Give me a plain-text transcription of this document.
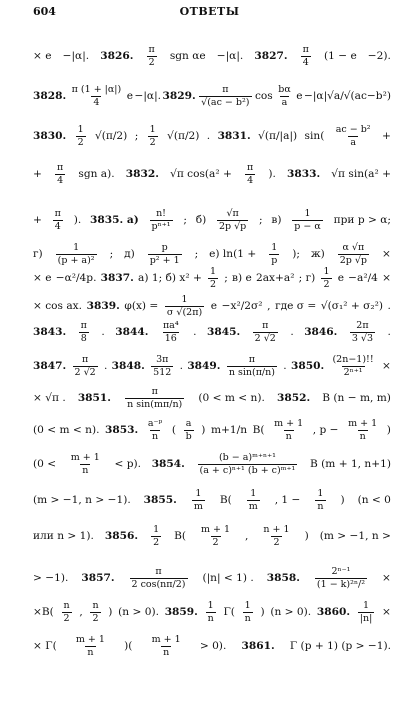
604	ОТВЕТЫ
× e −|α|. 3826. $\frac{\pi}{2}$ sgn αe −|α|. 3827. $\frac{\pi}{4} (1 - e -2)$.
3828. $\frac{\pi (1 + |\alpha|)}{4}$ e −|α|. 3829. $\frac{\pi}{\text{√(ac − b²)}}$ $\cos \frac{b\alpha}{a}$ e −|α|√a/√(ac−b²)
3830. $\frac{1}{2} √(\pi/2)$ ; $\frac{1}{2} √(\pi/2)$ . 3831. √(π/|a|) $\sin( \frac{\text{ac − b²}}{a}$ +
+ $\frac{\pi}{4}$ sgn a). 3832. √π $\cos(a^2 + \frac{\pi}{4}$ ). 3833. √π sin(a² +
+ $\frac{\pi}{4}$ ). 3835. $а) \frac{n!}{\text{pⁿ⁺¹}}$ ; $б) \frac{√\pi}{2p √p}$ ; $в) \frac{1}{p - \alpha}$ при p > α;
$г) \frac{1}{\text{(p + a)²}}$ ; $д) \frac{p}{\text{p² + 1}}$ ; е) $\ln(1 + \frac{1}{p}$ ); $ж) \frac{\alpha √\pi}{2p √p}$ ×
× e −α²/4p. 3837. а) 1; б) $x^2 + \frac{1}{2}$ ; в) e 2ax+a² ; $г) \frac{1}{2}$ e −a²/4 ×
× cos ax. 3839. $\varphi(x) = \frac{1}{\sigma √(2\pi)}$ e −x²/2σ² , где σ = √(σ₁² + σ₂²) .
3843. $\frac{\pi}{8}$ . 3844. $\frac{\text{πa⁴}}{16}$ . 3845. $\frac{\pi}{2 √2}$ . 3846. $\frac{2\pi}{3 √3}$ .
3847. $\frac{\pi}{2 √2}$ . 3848. $\frac{3\pi}{512}$ . 3849. $\frac{\pi}{\text{n sin(π/n)}}$ . 3850. $\frac{(2n-1)!!}{\text{2ⁿ⁺¹}}$ ×
× √π . 3851. $\frac{\pi}{\text{n sin(mπ/n)}} (0 < m < n)$. 3852. B (n − m, m)
(0 < m < n). 3853. $\frac{\text{a⁻ᵖ}}{n}$ ( $\frac{a}{b}$ ) m+1/n $B( \frac{m + 1}{n}$ , $p - \frac{m + 1}{n}$ )
$(0 < \frac{m + 1}{n} < p)$. 3854. $\frac{\text{(b − a)ᵐ⁺ⁿ⁺¹}}{\text{(a + c)ⁿ⁺¹ (b + c)ᵐ⁺¹}}$ B (m + 1, n+1)
(m > −1, n > −1). 3855. $\frac{1}{m} B( \frac{1}{m}$ , $1 - \frac{1}{n}$ ) (n < 0
или n > 1). 3856. $\frac{1}{2} B( \frac{m + 1}{2}$ , $\frac{n + 1}{2}$ ) (m > −1, n >
> −1). 3857. $\frac{\pi}{2 \cos(n\pi/2)} (|n| < 1)$ . 3858. $\frac{\text{2ⁿ⁻¹}}{\text{(1 − k)²ⁿ/²}}$ ×
$\times B( \frac{n}{2}$ , $\frac{n}{2}$ ) (n > 0). 3859. $\frac{1}{n} \Gamma( \frac{1}{n}$ ) (n > 0). 3860. $\frac{1}{|n|}$ ×
× $\Gamma( \frac{m + 1}{n}$ )( $\frac{m + 1}{n} > 0$). 3861. Γ (p + 1) (p > −1).
